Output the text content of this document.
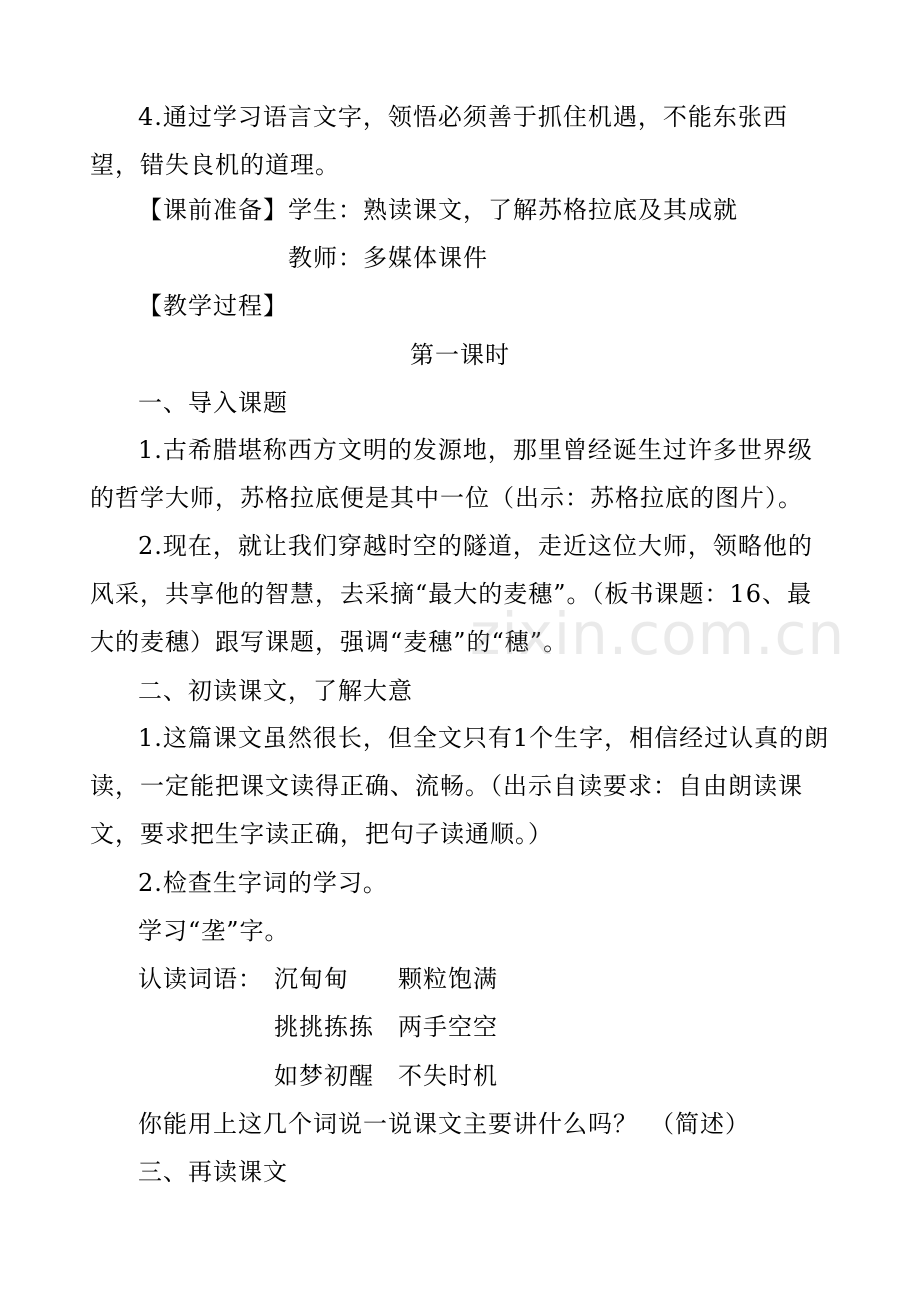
4.通过学习语言文字，领悟必须善于抓住机遇，不能东张西望，错失良机的道理。

【课前准备】学生：熟读课文，了解苏格拉底及其成就
教师：多媒体课件
【教学过程】
第一课时
一、导入课题

1.古希腊堪称西方文明的发源地，那里曾经诞生过许多世界级的哲学大师，苏格拉底便是其中一位（出示：苏格拉底的图片）。

2.现在，就让我们穿越时空的隧道，走近这位大师，领略他的风采，共享他的智慧，去采摘“最大的麦穗”。（板书课题：16、最大的麦穗）跟写课题，强调“麦穗”的“穗”。

二、初读课文，了解大意

1.这篇课文虽然很长，但全文只有1个生字，相信经过认真的朗读，一定能把课文读得正确、流畅。（出示自读要求：自由朗读课文，要求把生字读正确，把句子读通顺。）

2.检查生字词的学习。
学习“垄”字。
认读词语： 沉甸甸 颗粒饱满
挑挑拣拣 两手空空
如梦初醒 不失时机
你能用上这几个词说一说课文主要讲什么吗？ （简述）
三、再读课文
zixin.com.cn
